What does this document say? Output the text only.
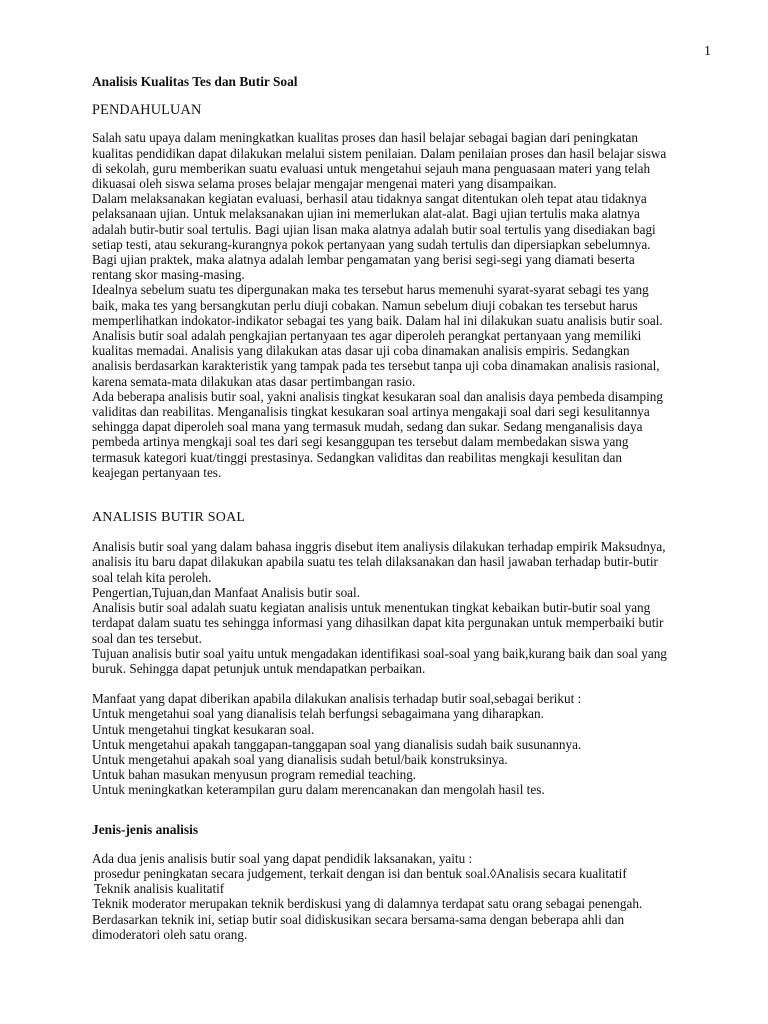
1
Analisis Kualitas Tes dan Butir Soal
PENDAHULUAN

Salah satu upaya dalam meningkatkan kualitas proses dan hasil belajar sebagai bagian dari peningkatan

kualitas pendidikan dapat dilakukan melalui sistem penilaian. Dalam penilaian proses dan hasil belajar siswa

di sekolah, guru memberikan suatu evaluasi untuk mengetahui sejauh mana penguasaan materi yang telah

dikuasai oleh siswa selama proses belajar mengajar mengenai materi yang disampaikan.

Dalam melaksanakan kegiatan evaluasi, berhasil atau tidaknya sangat ditentukan oleh tepat atau tidaknya

pelaksanaan ujian. Untuk melaksanakan ujian ini memerlukan alat-alat. Bagi ujian tertulis maka alatnya

adalah butir-butir soal tertulis. Bagi ujian lisan maka alatnya adalah butir soal tertulis yang disediakan bagi

setiap testi, atau sekurang-kurangnya pokok pertanyaan yang sudah tertulis dan dipersiapkan sebelumnya.

Bagi ujian praktek, maka alatnya adalah lembar pengamatan yang berisi segi-segi yang diamati beserta

rentang skor masing-masing.

Idealnya sebelum suatu tes dipergunakan maka tes tersebut harus memenuhi syarat-syarat sebagi tes yang

baik, maka tes yang bersangkutan perlu diuji cobakan. Namun sebelum diuji cobakan tes tersebut harus

memperlihatkan indokator-indikator sebagai tes yang baik. Dalam hal ini dilakukan suatu analisis butir soal.

Analisis butir soal adalah pengkajian pertanyaan tes agar diperoleh perangkat pertanyaan yang memiliki

kualitas memadai. Analisis yang dilakukan atas dasar uji coba dinamakan analisis empiris. Sedangkan

analisis berdasarkan karakteristik yang tampak pada tes tersebut tanpa uji coba dinamakan analisis rasional,

karena semata-mata dilakukan atas dasar pertimbangan rasio.

Ada beberapa analisis butir soal, yakni analisis tingkat kesukaran soal dan analisis daya pembeda disamping

validitas dan reabilitas. Menganalisis tingkat kesukaran soal artinya mengakaji soal dari segi kesulitannya

sehingga dapat diperoleh soal mana yang termasuk mudah, sedang dan sukar. Sedang menganalisis daya

pembeda artinya mengkaji soal tes dari segi kesanggupan tes tersebut dalam membedakan siswa yang

termasuk kategori kuat/tinggi prestasinya. Sedangkan validitas dan reabilitas mengkaji kesulitan dan

keajegan pertanyaan tes.

ANALISIS BUTIR SOAL

Analisis butir soal yang dalam bahasa inggris disebut item analiysis dilakukan terhadap empirik Maksudnya,

analisis itu baru dapat dilakukan apabila suatu tes telah dilaksanakan dan hasil jawaban terhadap butir-butir

soal telah kita peroleh.

Pengertian,Tujuan,dan Manfaat Analisis butir soal.

Analisis butir soal adalah suatu kegiatan analisis untuk menentukan tingkat kebaikan butir-butir soal yang

terdapat dalam suatu tes sehingga informasi yang dihasilkan dapat kita pergunakan untuk memperbaiki butir

soal dan tes tersebut.

Tujuan analisis butir soal yaitu untuk mengadakan identifikasi soal-soal yang baik,kurang baik dan soal yang

buruk. Sehingga dapat petunjuk untuk mendapatkan perbaikan.

Manfaat yang dapat diberikan apabila dilakukan analisis terhadap butir soal,sebagai berikut :

Untuk mengetahui soal yang dianalisis telah berfungsi sebagaimana yang diharapkan.

Untuk mengetahui tingkat kesukaran soal.

Untuk mengetahui apakah tanggapan-tanggapan soal yang dianalisis sudah baik susunannya.

Untuk mengetahui apakah soal yang dianalisis sudah betul/baik konstruksinya.

Untuk bahan masukan menyusun program remedial teaching.

Untuk meningkatkan keterampilan guru dalam merencanakan dan mengolah hasil tes.

Jenis-jenis analisis

Ada dua jenis analisis butir soal yang dapat pendidik laksanakan, yaitu :

prosedur peningkatan secara judgement, terkait dengan isi dan bentuk soal.◊Analisis secara kualitatif

Teknik analisis kualitatif

Teknik moderator merupakan teknik berdiskusi yang di dalamnya terdapat satu orang sebagai penengah.

Berdasarkan teknik ini, setiap butir soal didiskusikan secara bersama-sama dengan beberapa ahli dan

dimoderatori oleh satu orang.
